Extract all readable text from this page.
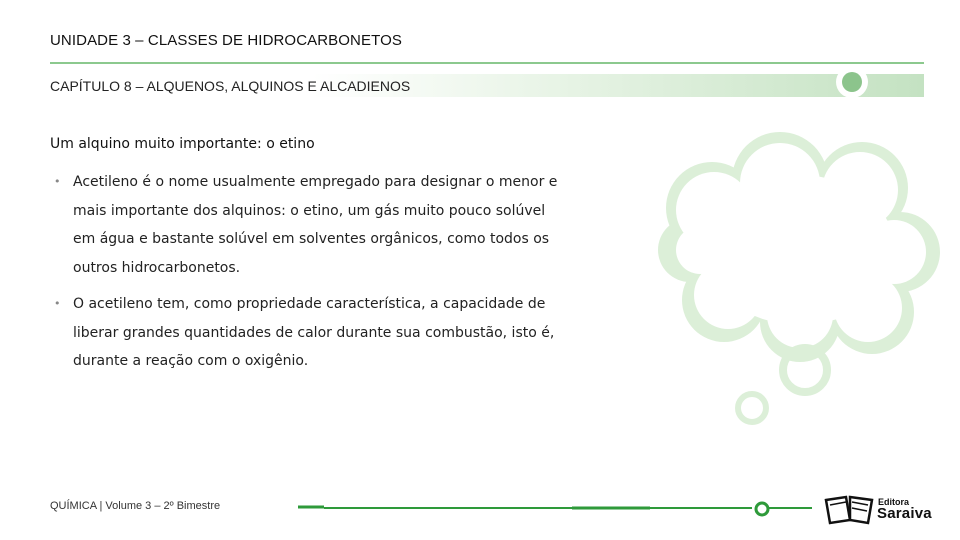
UNIDADE 3 – CLASSES DE HIDROCARBONETOS
CAPÍTULO 8 – ALQUENOS, ALQUINOS E ALCADIENOS
Um alquino muito importante: o etino
• Acetileno é o nome usualmente empregado para designar o menor e mais importante dos alquinos: o etino, um gás muito pouco solúvel em água e bastante solúvel em solventes orgânicos, como todos os outros hidrocarbonetos.
• O acetileno tem, como propriedade característica, a capacidade de liberar grandes quantidades de calor durante sua combustão, isto é, durante a reação com o oxigênio.
QUÍMICA | Volume 3 – 2º Bimestre	Editora
Saraiva
